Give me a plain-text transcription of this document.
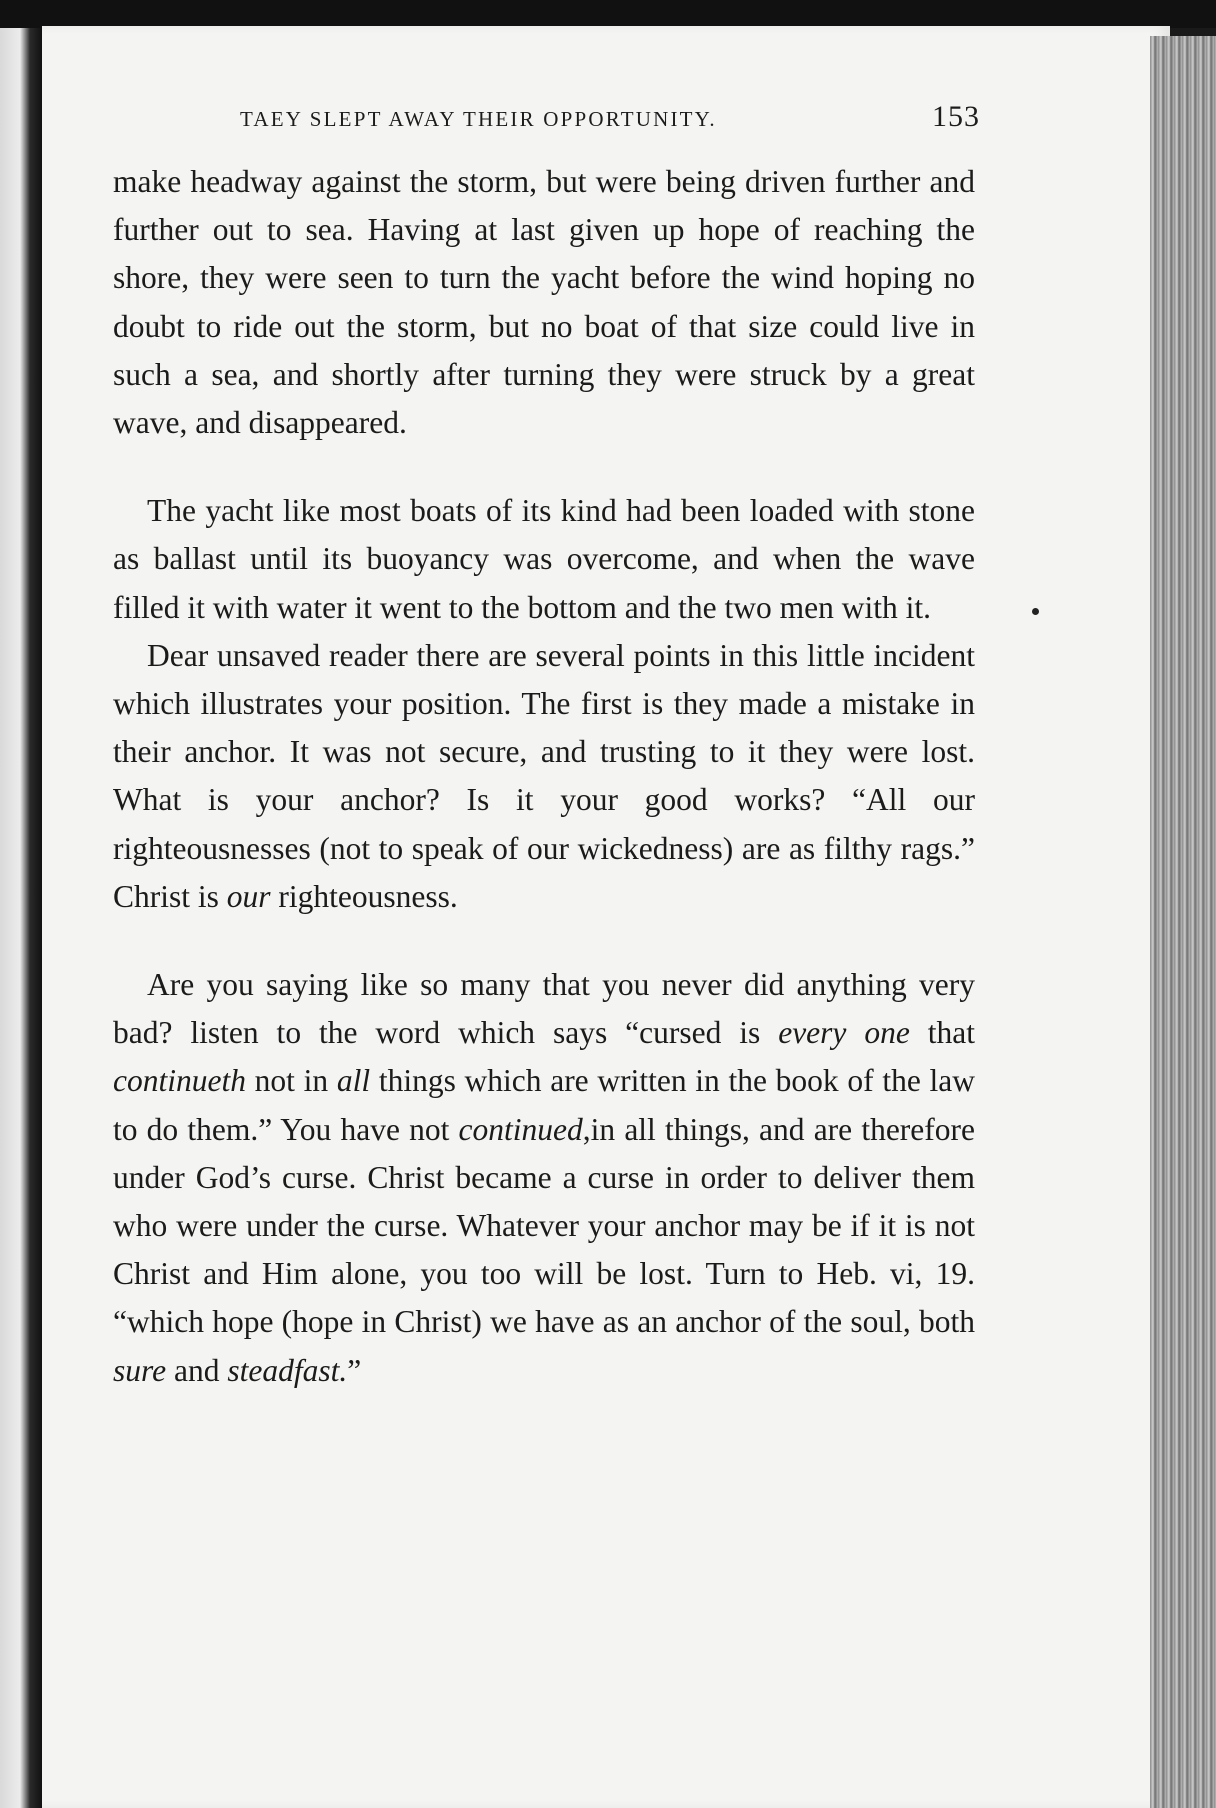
TAEY SLEPT AWAY THEIR OPPORTUNITY.	153

make headway against the storm, but were being driven further and further out to sea. Having at last given up hope of reaching the shore, they were seen to turn the yacht before the wind hoping no doubt to ride out the storm, but no boat of that size could live in such a sea, and shortly after turning they were struck by a great wave, and disappeared.

The yacht like most boats of its kind had been loaded with stone as ballast until its buoyancy was overcome, and when the wave filled it with water it went to the bottom and the two men with it.

Dear unsaved reader there are several points in this little incident which illustrates your position. The first is they made a mistake in their anchor. It was not secure, and trusting to it they were lost. What is your anchor? Is it your good works? “All our righteousnesses (not to speak of our wickedness) are as filthy rags.” Christ is our righteousness.

Are you saying like so many that you never did anything very bad? listen to the word which says “cursed is every one that continueth not in all things which are written in the book of the law to do them.” You have not continued,in all things, and are therefore under God’s curse. Christ became a curse in order to deliver them who were under the curse. Whatever your anchor may be if it is not Christ and Him alone, you too will be lost. Turn to Heb. vi, 19. “which hope (hope in Christ) we have as an anchor of the soul, both sure and steadfast.”
